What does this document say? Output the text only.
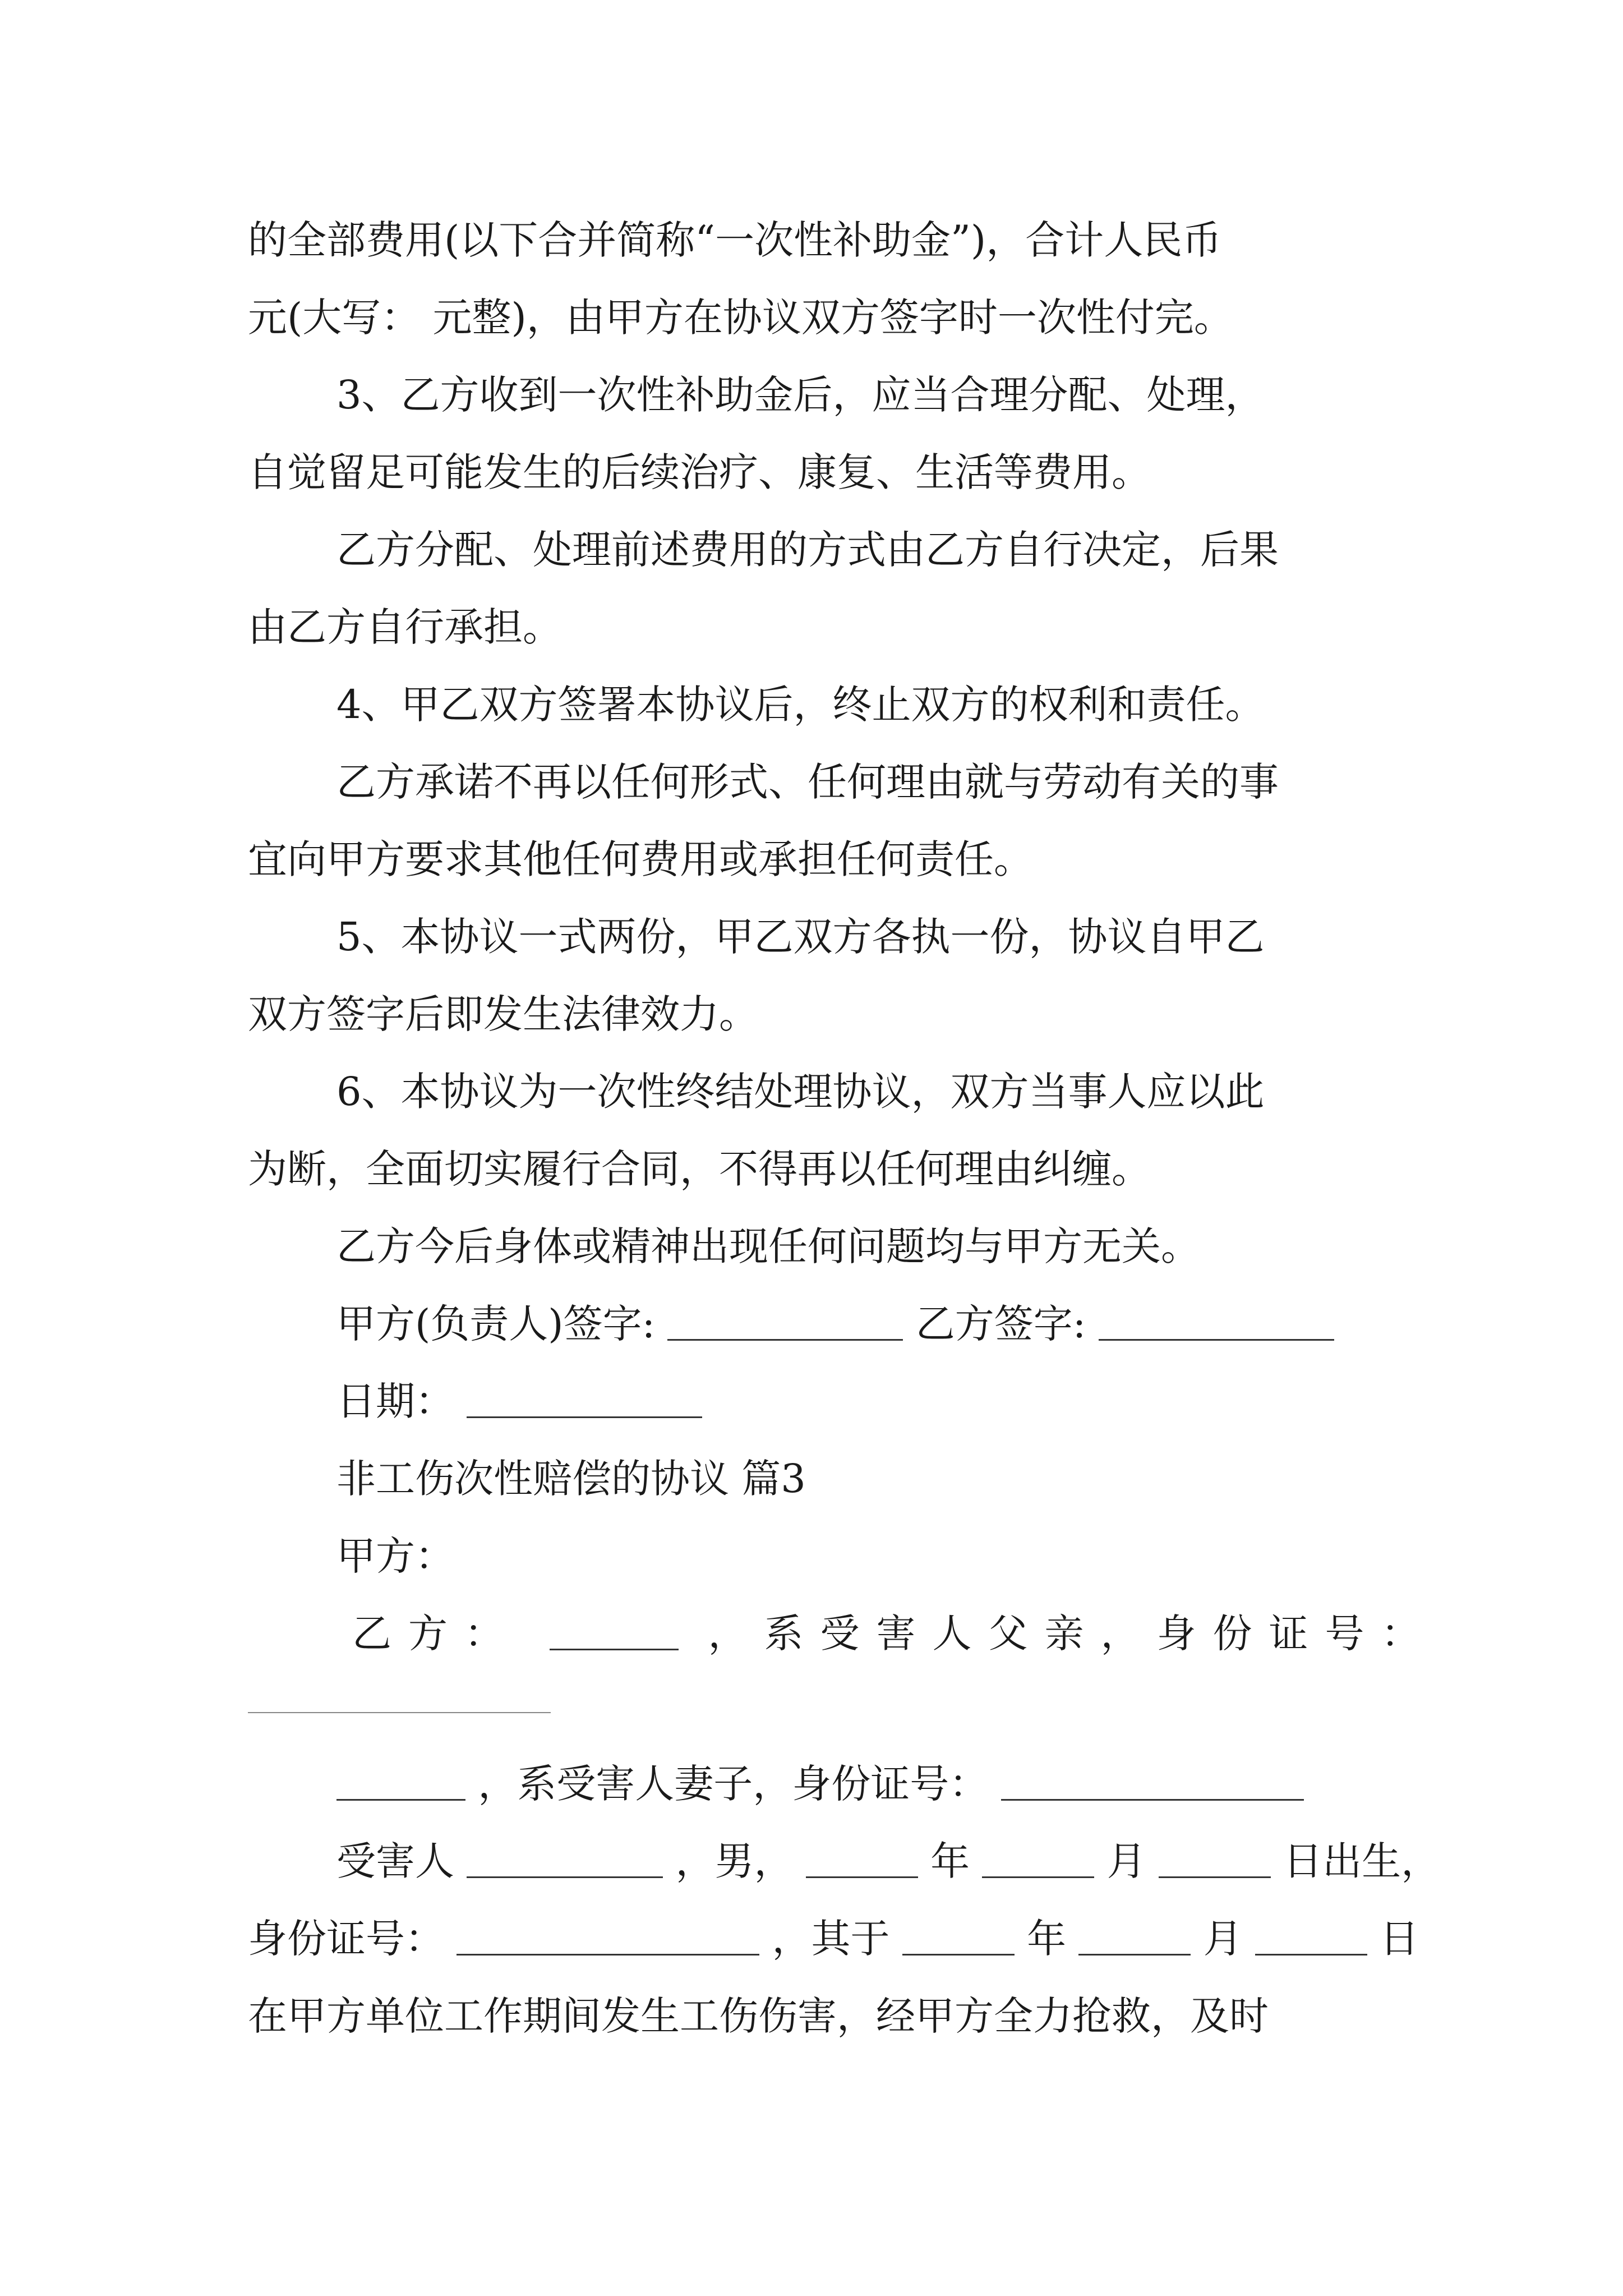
的全部费用(以下合并简称“一次性补助金”)，合计人民币

元(大写： 元整)，由甲方在协议双方签字时一次性付完。

3、乙方收到一次性补助金后，应当合理分配、处理，

自觉留足可能发生的后续治疗、康复、生活等费用。

乙方分配、处理前述费用的方式由乙方自行决定，后果

由乙方自行承担。

4、甲乙双方签署本协议后，终止双方的权利和责任。

乙方承诺不再以任何形式、任何理由就与劳动有关的事

宜向甲方要求其他任何费用或承担任何责任。

5、本协议一式两份，甲乙双方各执一份，协议自甲乙

双方签字后即发生法律效力。

6、本协议为一次性终结处理协议，双方当事人应以此

为断，全面切实履行合同，不得再以任何理由纠缠。

乙方今后身体或精神出现任何问题均与甲方无关。

甲方(负责人)签字:	乙方签字:

日期：

非工伤次性赔偿的协议 篇3

甲方：

乙方：	，系受害人父亲，身份证号：

，系受害人妻子，身份证号：

受害人	，男，	年	月	日出生，

身份证号：	，其于	年	月	日

在甲方单位工作期间发生工伤伤害，经甲方全力抢救，及时
